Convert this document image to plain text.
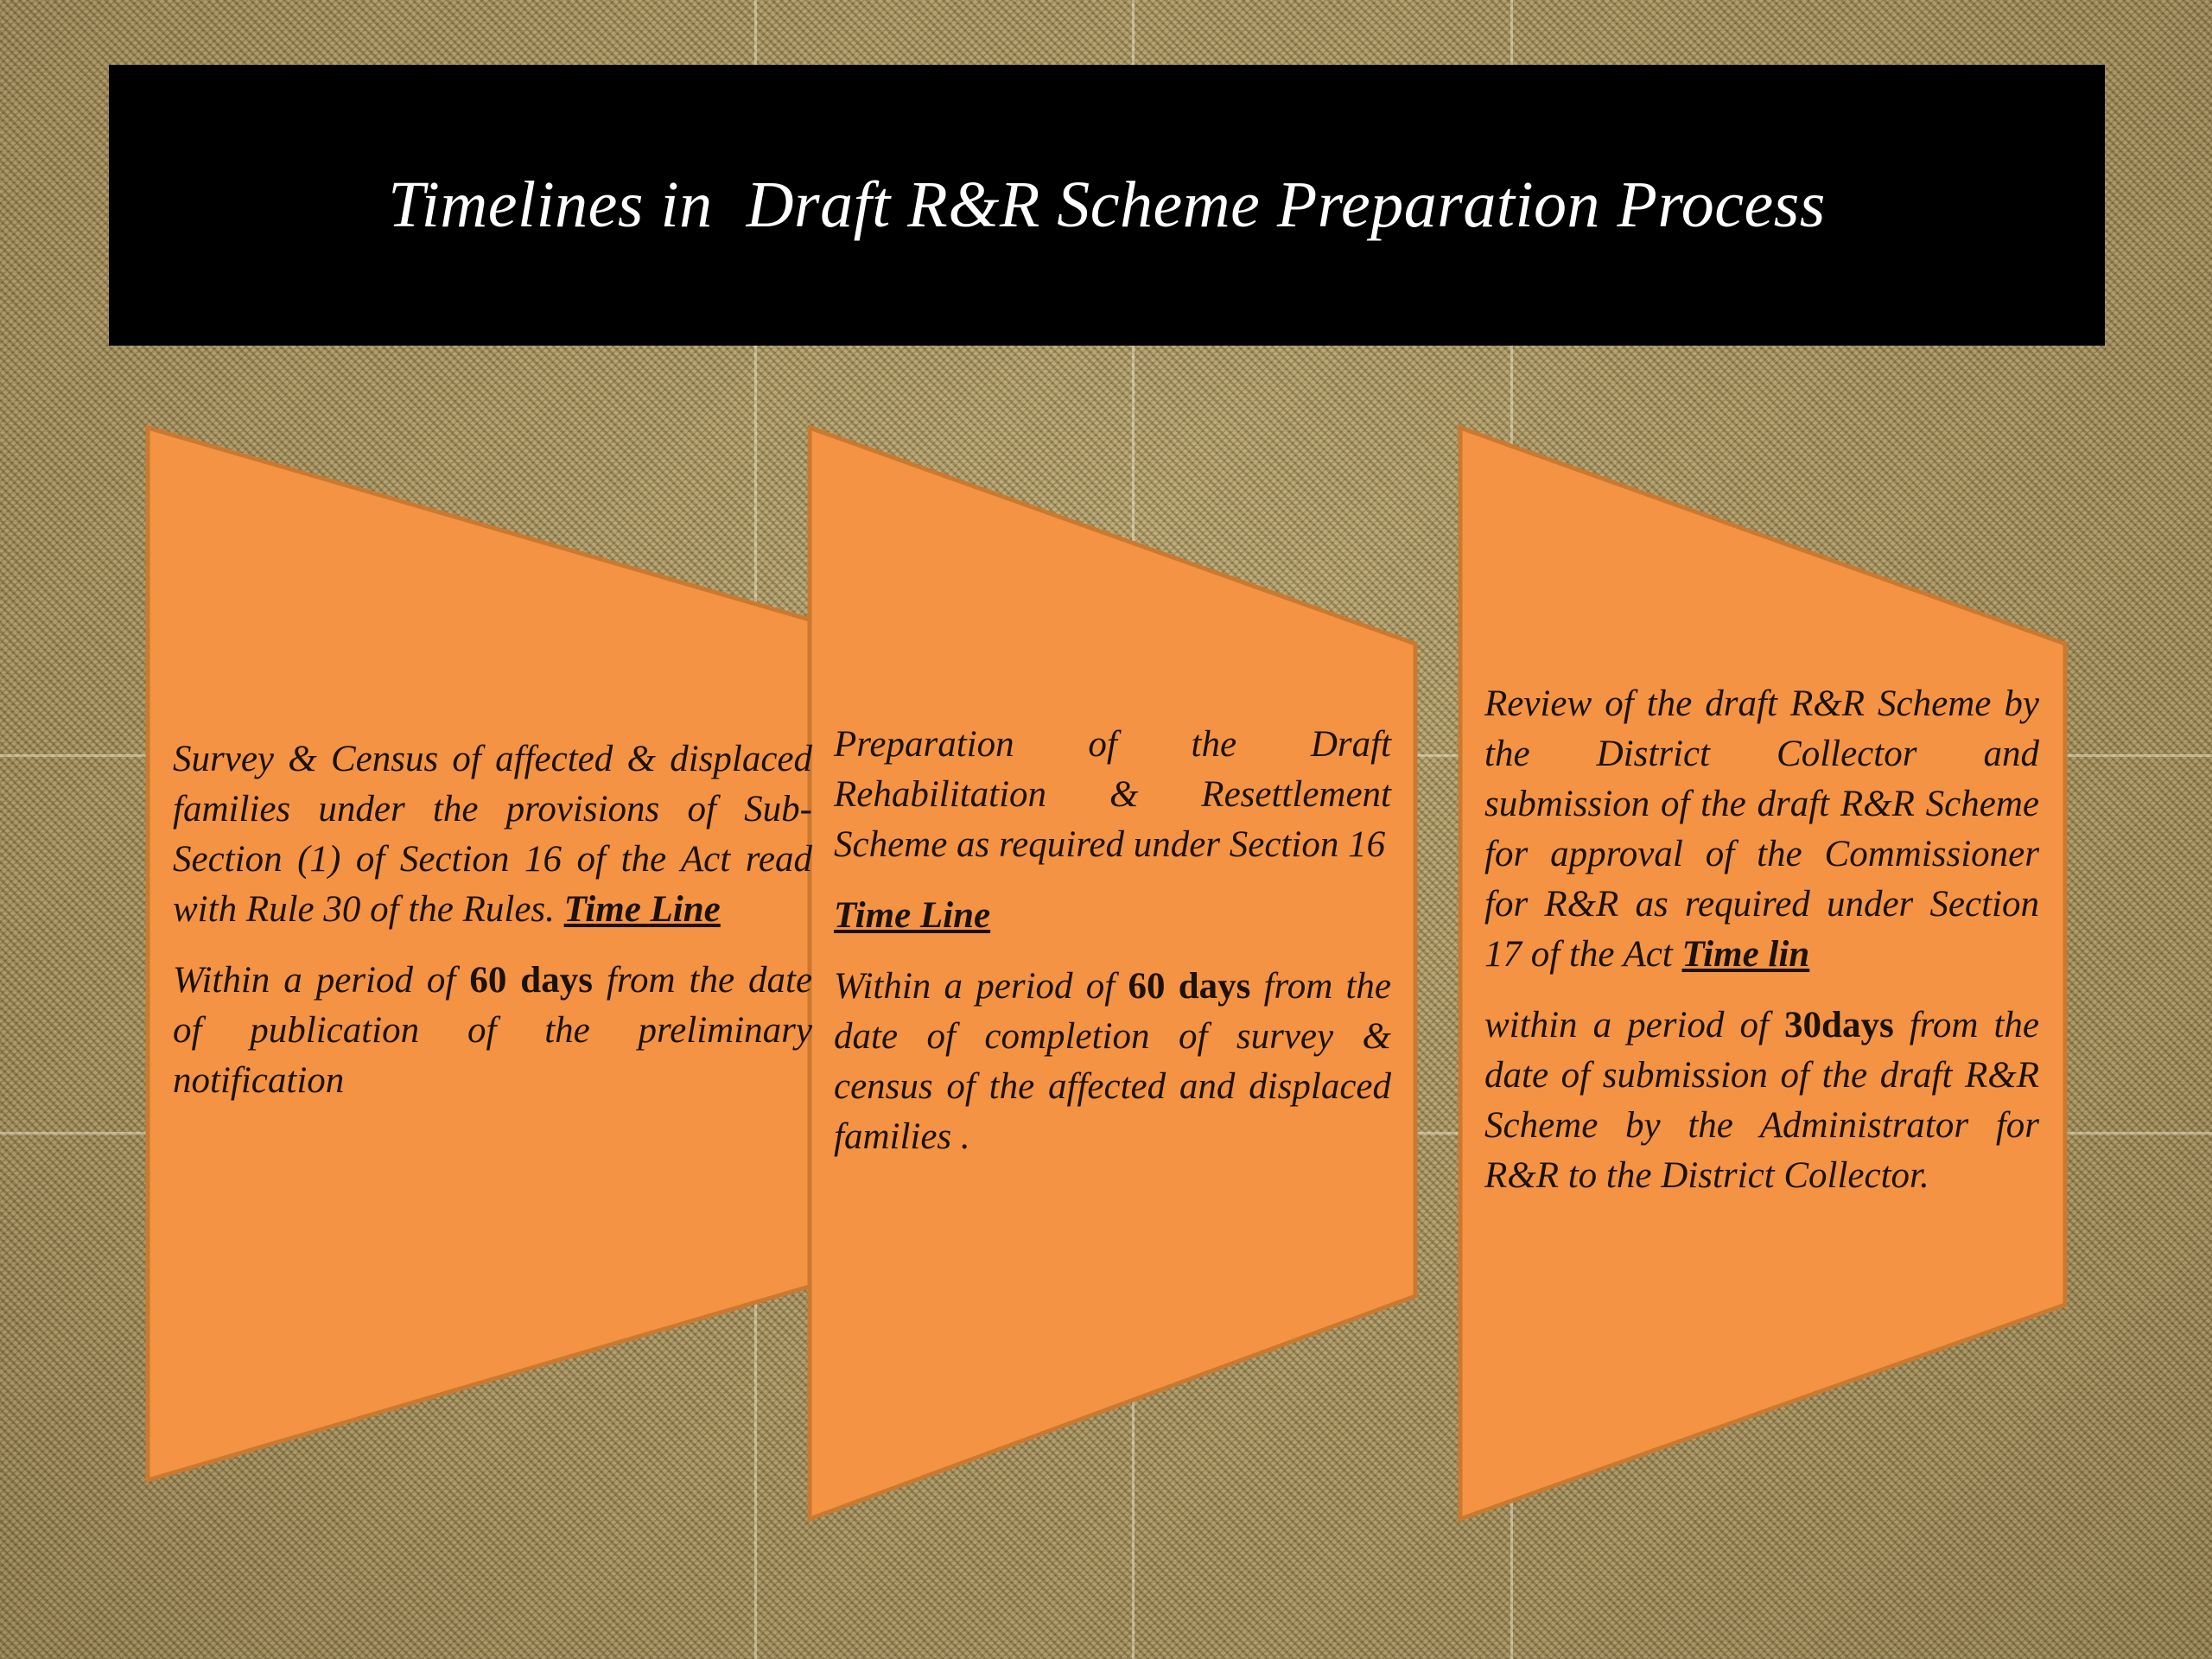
Timelines in  Draft R&R Scheme Preparation Process

Survey & Census of affected & displaced families under the provisions of Sub-Section (1) of Section 16 of the Act read with Rule 30 of the Rules. Time Line

Within a period of 60 days from the date of publication of the preliminary notification

Preparation of the Draft Rehabilitation & Resettlement Scheme as required under Section 16

Time Line

Within a period of 60 days from the date of completion of survey & census of the affected and displaced families .

Review of the draft R&R Scheme by the District Collector and submission of the draft R&R Scheme for approval of the Commissioner for R&R as required under Section 17 of the Act Time lin

within a period of 30days from the date of submission of the draft R&R Scheme by the Administrator for R&R to the District Collector.
